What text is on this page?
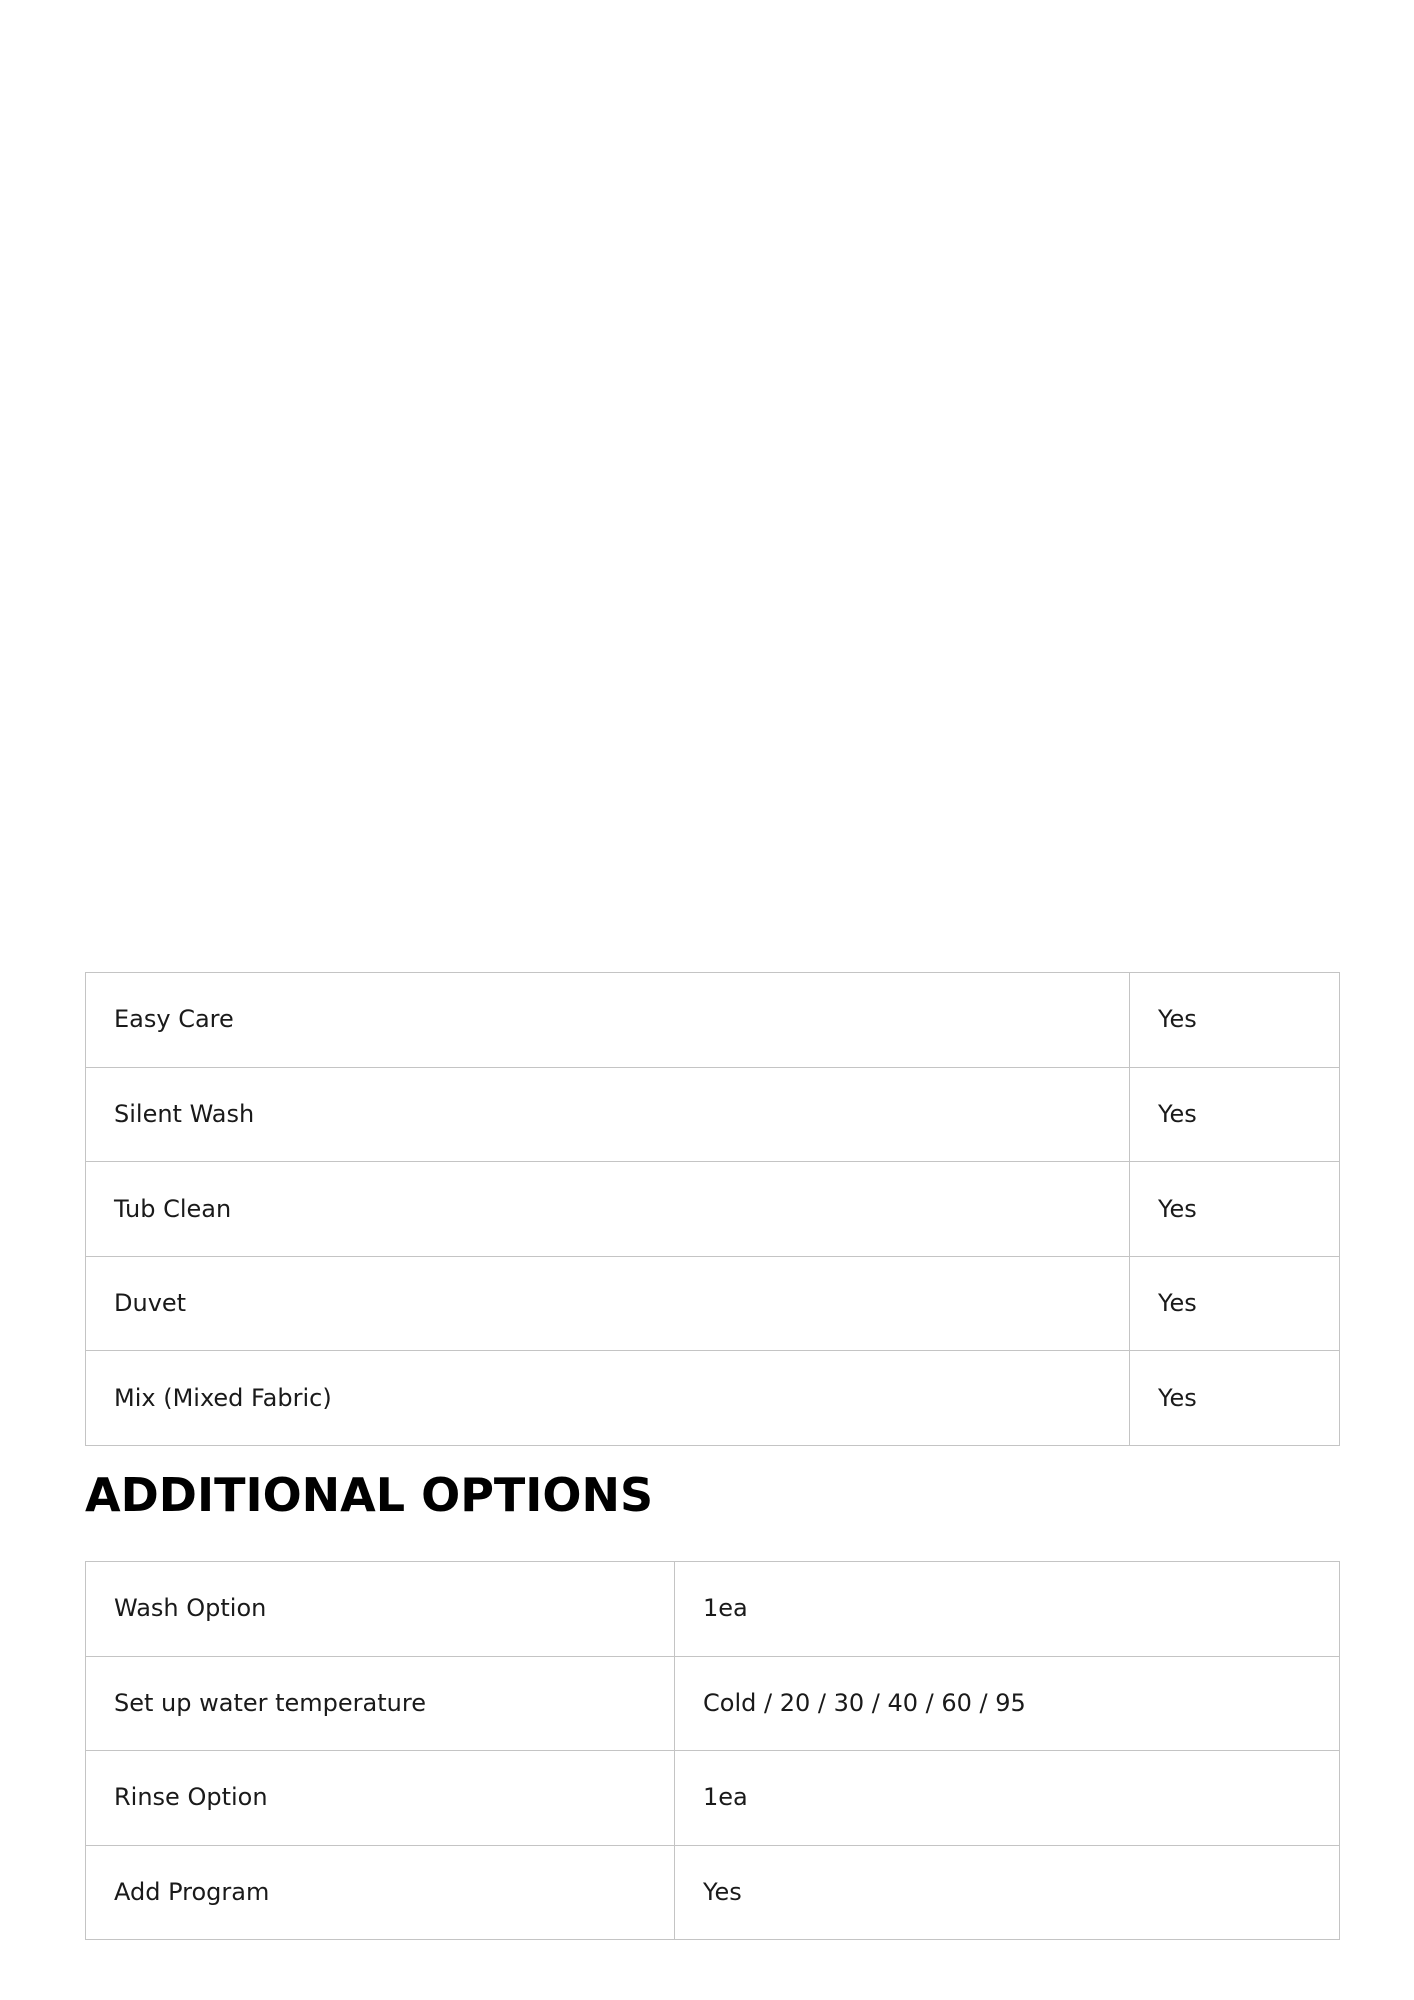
Easy Care	Yes
Silent Wash	Yes
Tub Clean	Yes
Duvet	Yes
Mix (Mixed Fabric)	Yes
ADDITIONAL OPTIONS
Wash Option	1ea
Set up water temperature	Cold / 20 / 30 / 40 / 60 / 95
Rinse Option	1ea
Add Program	Yes
